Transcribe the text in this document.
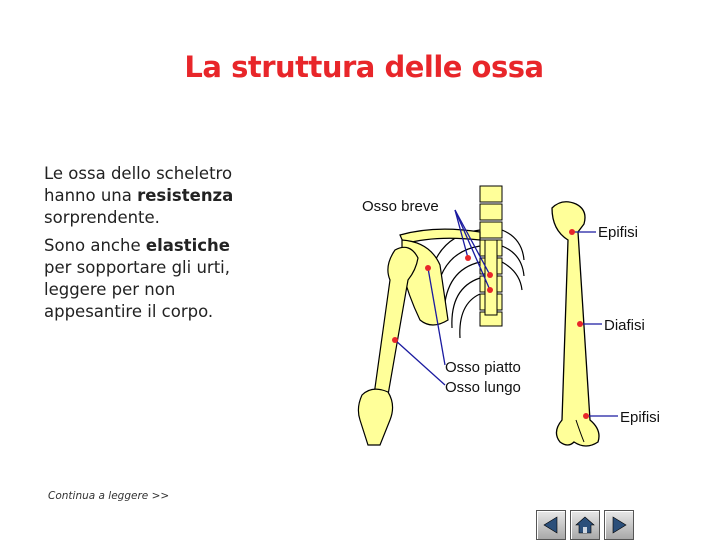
La struttura delle ossa

Le ossa dello scheletro
hanno una resistenza
sorprendente.

Sono anche elastiche
per sopportare gli urti,
leggere per non
appesantire il corpo.

Osso breve
Osso piatto
Osso lungo
Epifisi
Diafisi
Epifisi
Continua a leggere >>
